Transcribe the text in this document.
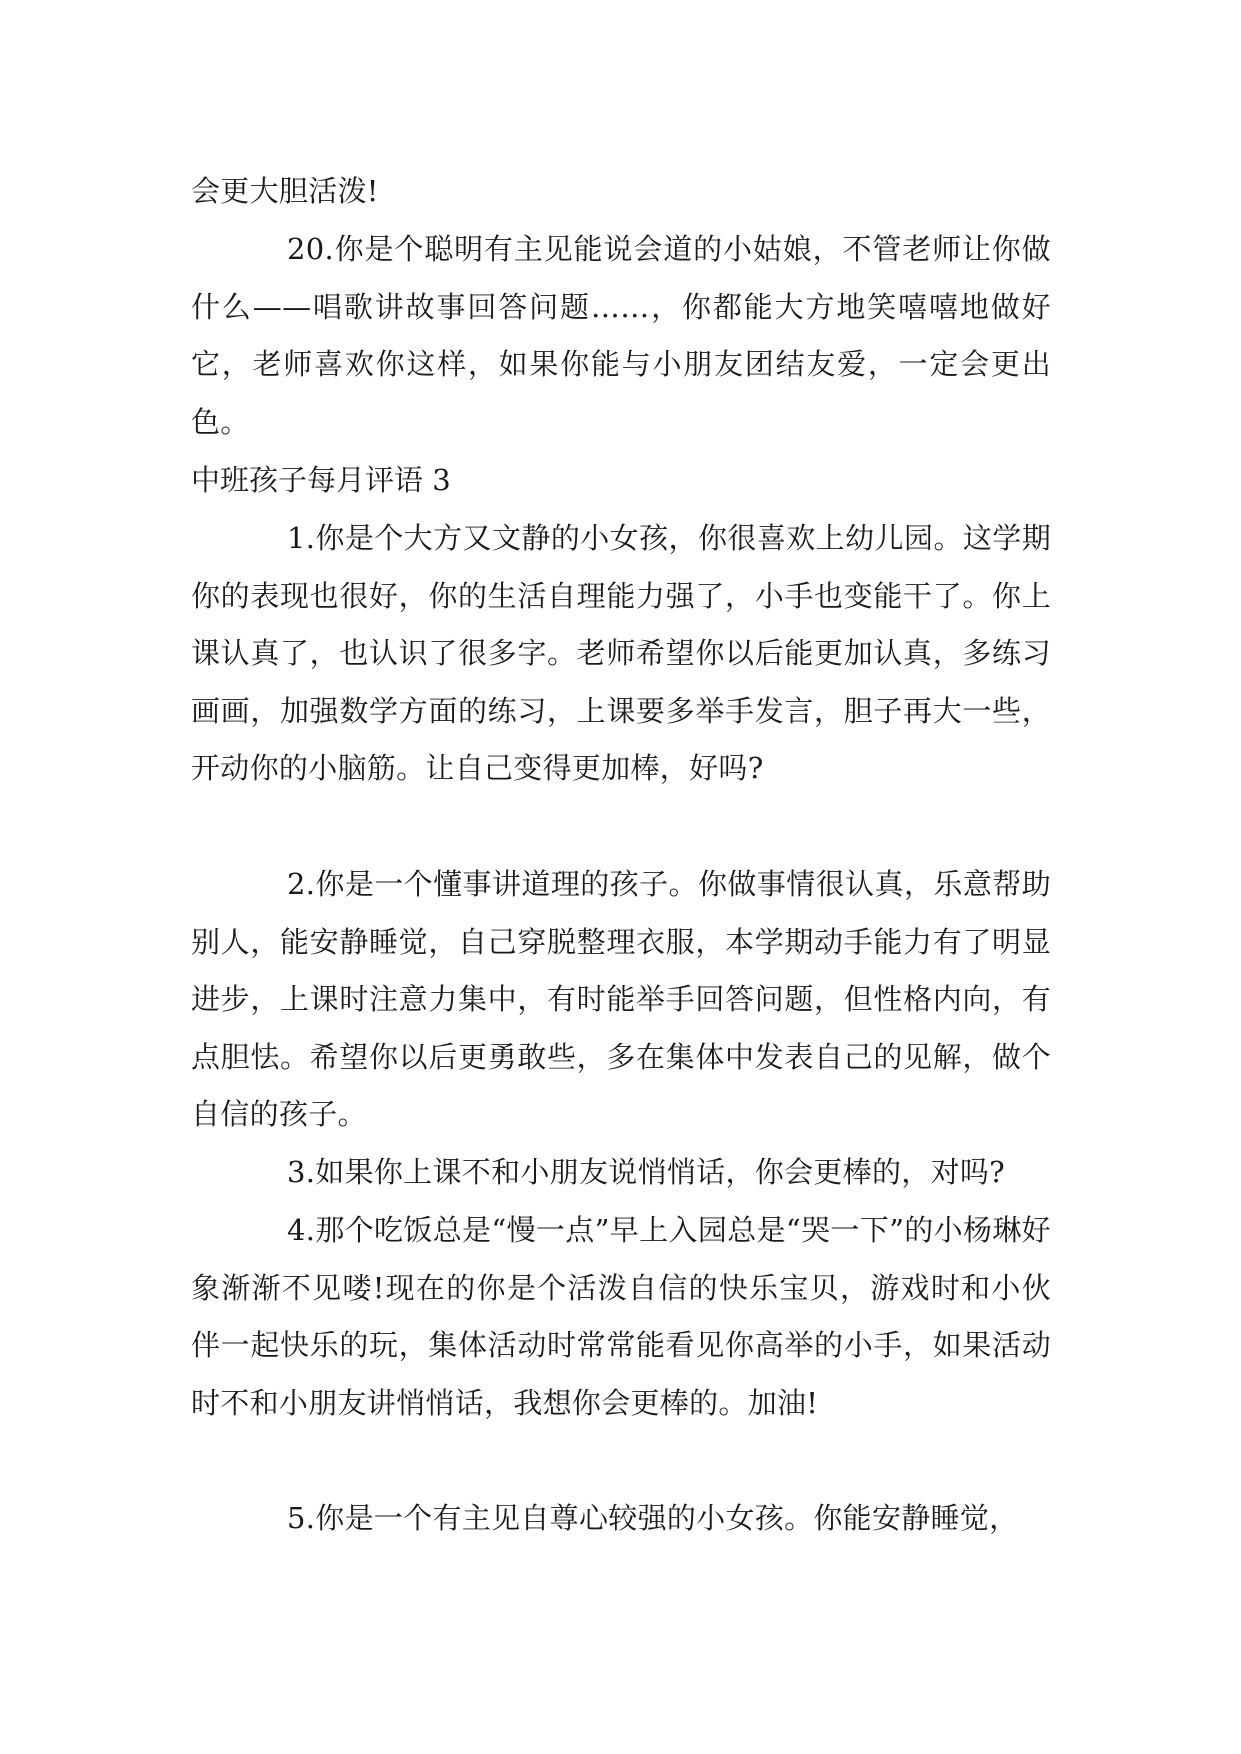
会更大胆活泼!

20.你是个聪明有主见能说会道的小姑娘，不管老师让你做什么——唱歌讲故事回答问题……，你都能大方地笑嘻嘻地做好它，老师喜欢你这样，如果你能与小朋友团结友爱，一定会更出色。

中班孩子每月评语 3

1.你是个大方又文静的小女孩，你很喜欢上幼儿园。这学期你的表现也很好，你的生活自理能力强了，小手也变能干了。你上课认真了，也认识了很多字。老师希望你以后能更加认真，多练习画画，加强数学方面的练习，上课要多举手发言，胆子再大一些，开动你的小脑筋。让自己变得更加棒，好吗?

2.你是一个懂事讲道理的孩子。你做事情很认真，乐意帮助别人，能安静睡觉，自己穿脱整理衣服，本学期动手能力有了明显进步，上课时注意力集中，有时能举手回答问题，但性格内向，有点胆怯。希望你以后更勇敢些，多在集体中发表自己的见解，做个自信的孩子。

3.如果你上课不和小朋友说悄悄话，你会更棒的，对吗?

4.那个吃饭总是“慢一点”早上入园总是“哭一下”的小杨琳好象渐渐不见喽!现在的你是个活泼自信的快乐宝贝，游戏时和小伙伴一起快乐的玩，集体活动时常常能看见你高举的小手，如果活动时不和小朋友讲悄悄话，我想你会更棒的。加油!

5.你是一个有主见自尊心较强的小女孩。你能安静睡觉，
